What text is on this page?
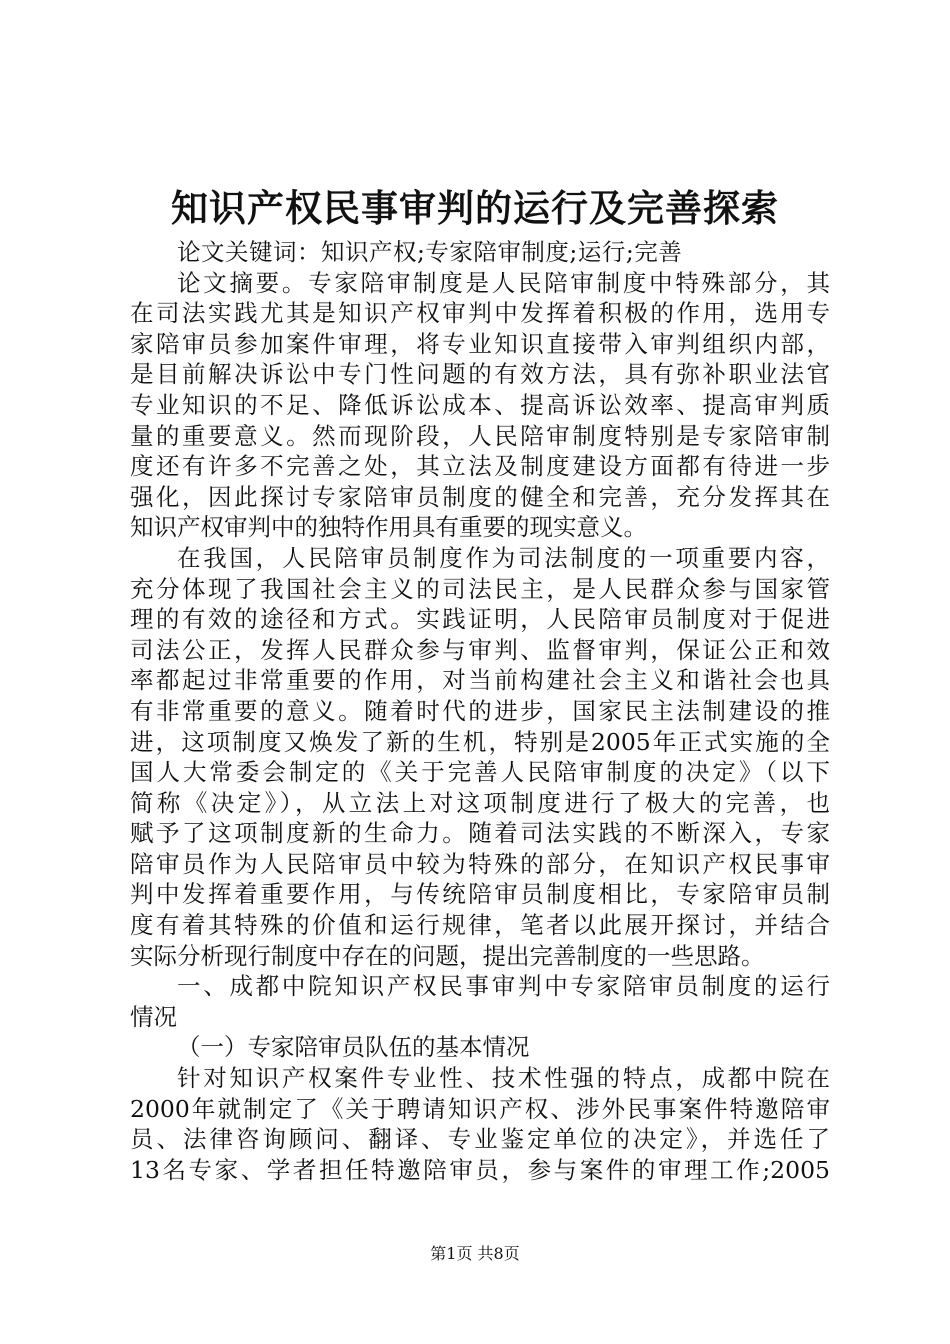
知识产权民事审判的运行及完善探索
论文关键词：知识产权;专家陪审制度;运行;完善
论文摘要。专家陪审制度是人民陪审制度中特殊部分，其
在司法实践尤其是知识产权审判中发挥着积极的作用，选用专
家陪审员参加案件审理，将专业知识直接带入审判组织内部，
是目前解决诉讼中专门性问题的有效方法，具有弥补职业法官
专业知识的不足、降低诉讼成本、提高诉讼效率、提高审判质
量的重要意义。然而现阶段，人民陪审制度特别是专家陪审制
度还有许多不完善之处，其立法及制度建设方面都有待进一步
强化，因此探讨专家陪审员制度的健全和完善，充分发挥其在
知识产权审判中的独特作用具有重要的现实意义。
在我国，人民陪审员制度作为司法制度的一项重要内容，
充分体现了我国社会主义的司法民主，是人民群众参与国家管
理的有效的途径和方式。实践证明，人民陪审员制度对于促进
司法公正，发挥人民群众参与审判、监督审判，保证公正和效
率都起过非常重要的作用，对当前构建社会主义和谐社会也具
有非常重要的意义。随着时代的进步，国家民主法制建设的推
进，这项制度又焕发了新的生机，特别是2005年正式实施的全
国人大常委会制定的《关于完善人民陪审制度的决定》（以下
简称《决定》），从立法上对这项制度进行了极大的完善，也
赋予了这项制度新的生命力。随着司法实践的不断深入，专家
陪审员作为人民陪审员中较为特殊的部分，在知识产权民事审
判中发挥着重要作用，与传统陪审员制度相比，专家陪审员制
度有着其特殊的价值和运行规律，笔者以此展开探讨，并结合
实际分析现行制度中存在的问题，提出完善制度的一些思路。
一、成都中院知识产权民事审判中专家陪审员制度的运行
情况
（一）专家陪审员队伍的基本情况
针对知识产权案件专业性、技术性强的特点，成都中院在
2000年就制定了《关于聘请知识产权、涉外民事案件特邀陪审
员、法律咨询顾问、翻译、专业鉴定单位的决定》，并选任了
13名专家、学者担任特邀陪审员，参与案件的审理工作;2005
第1页 共8页
